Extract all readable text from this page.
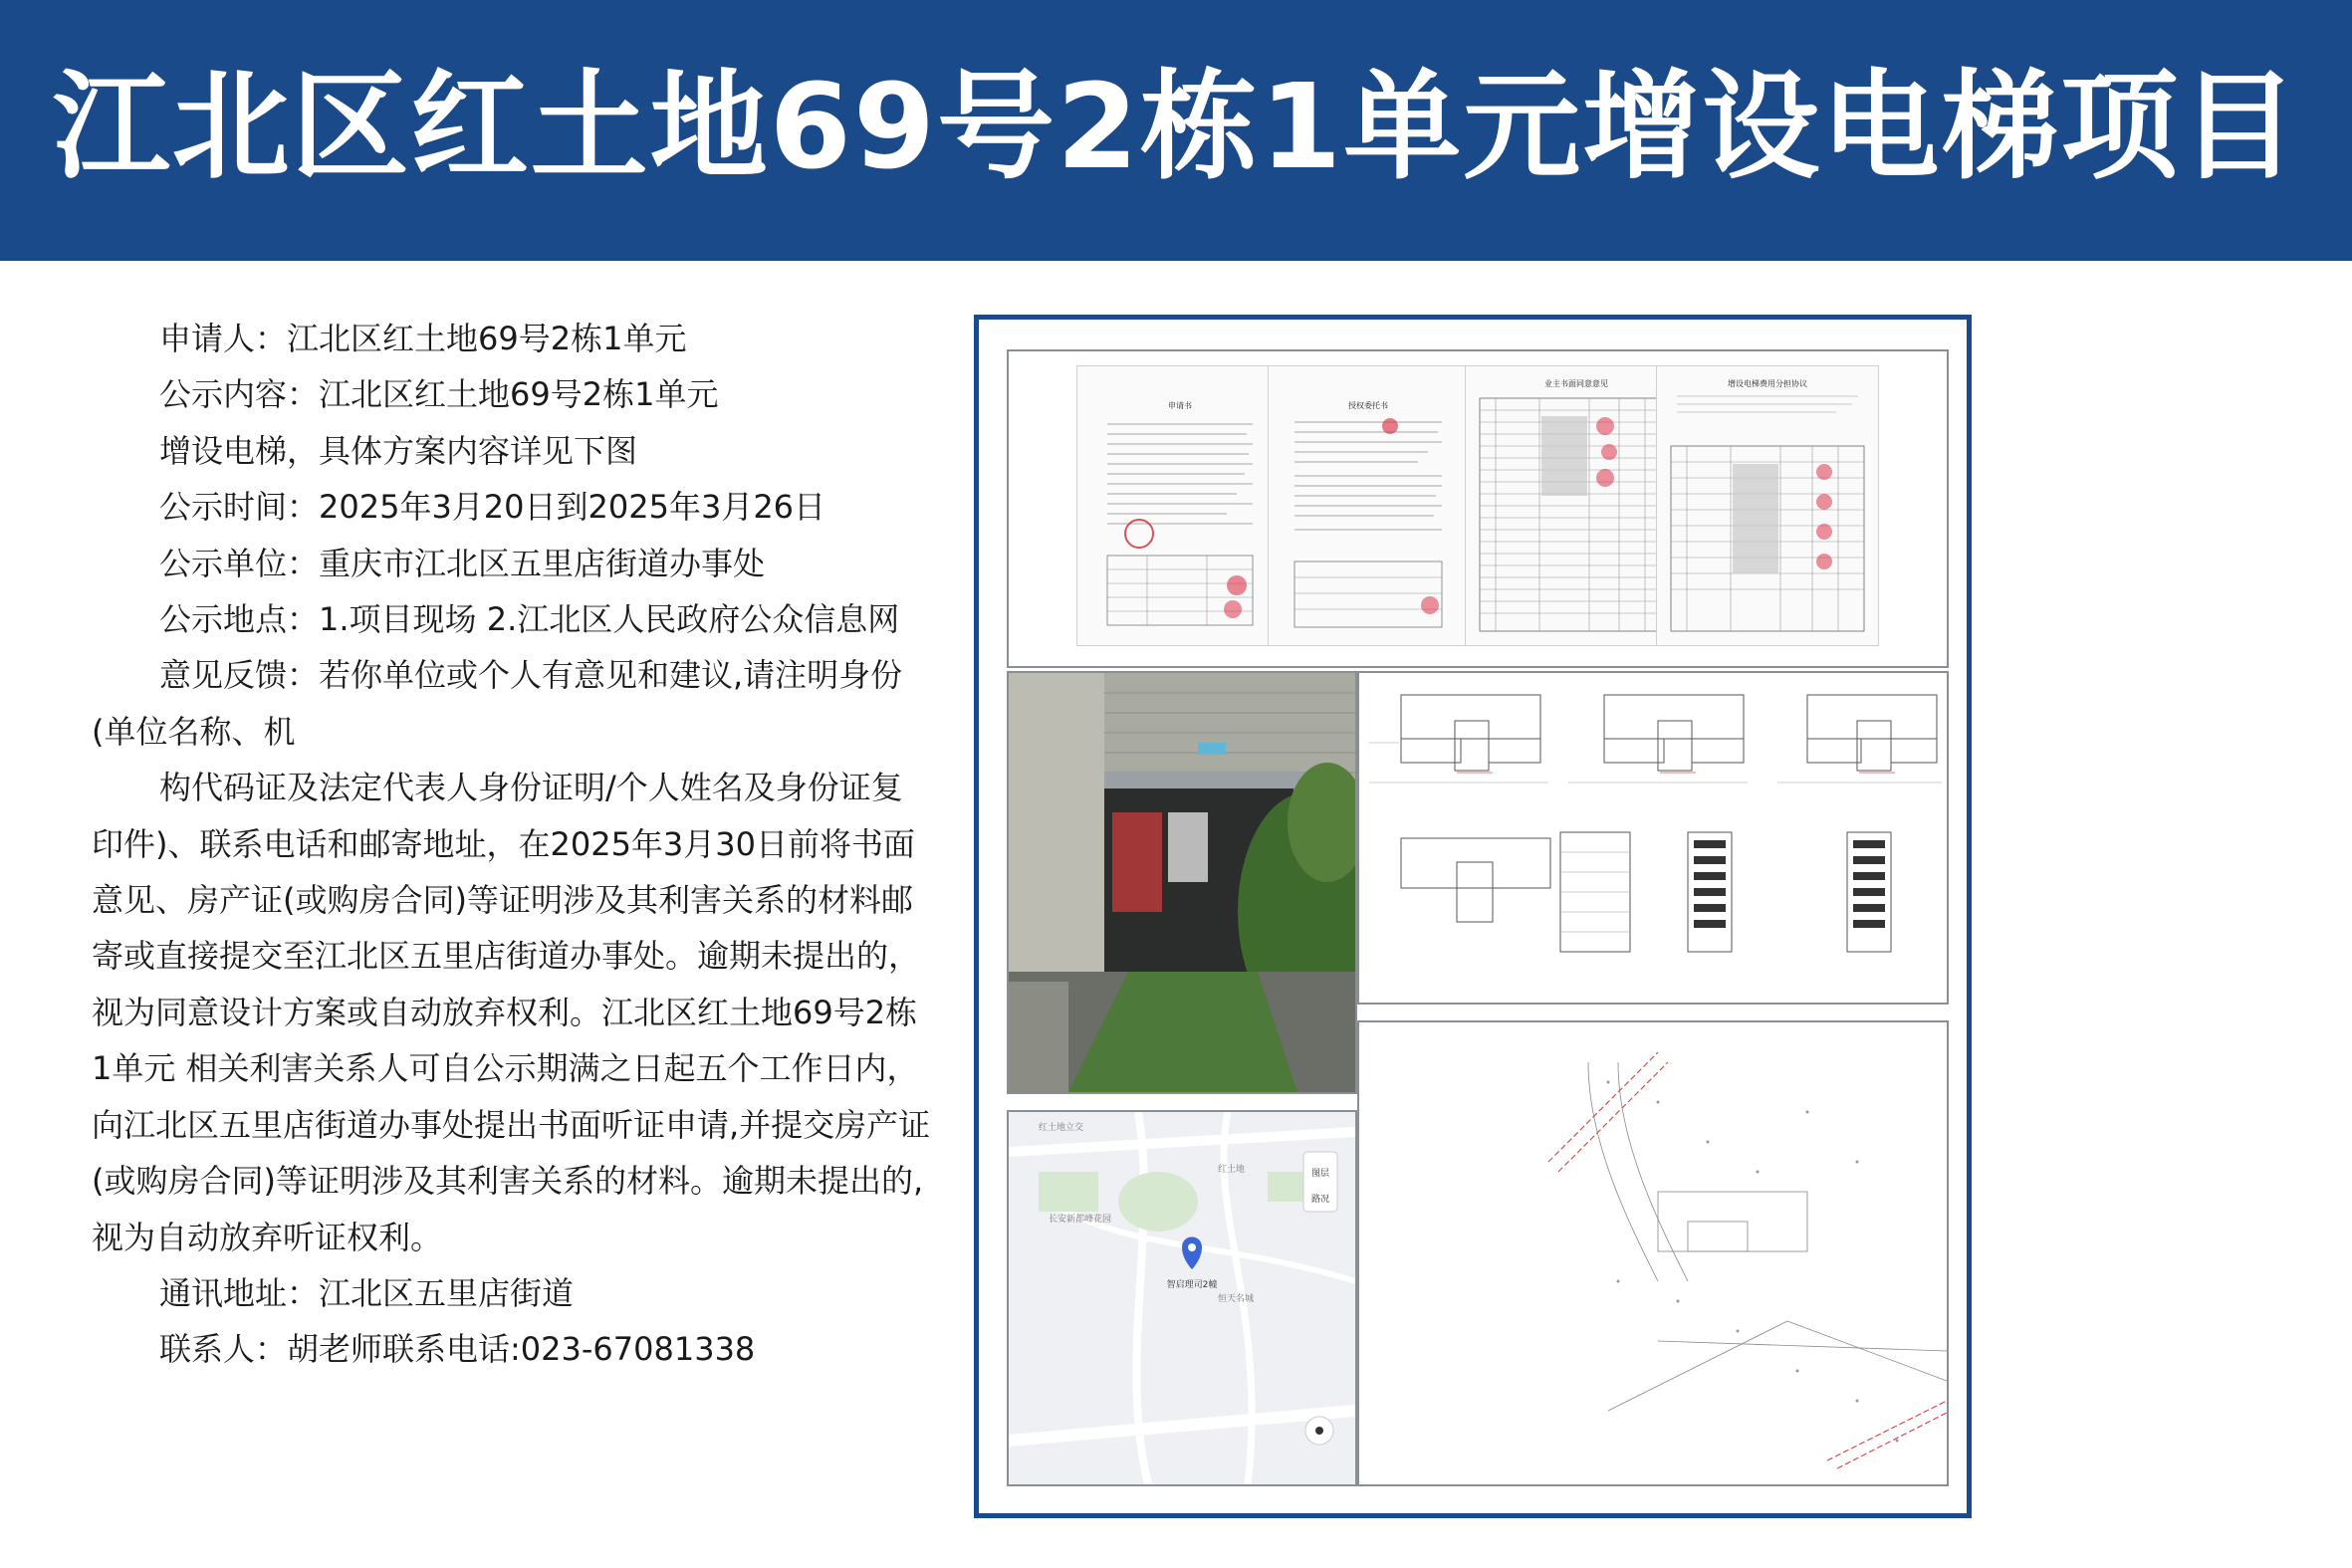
江北区红土地69号2栋1单元增设电梯项目

申请人：江北区红土地69号2栋1单元

公示内容：江北区红土地69号2栋1单元

增设电梯，具体方案内容详见下图

公示时间：2025年3月20日到2025年3月26日

公示单位：重庆市江北区五里店街道办事处

公示地点：1.项目现场 2.江北区人民政府公众信息网

意见反馈：若你单位或个人有意见和建议,请注明身份(单位名称、机

构代码证及法定代表人身份证明/个人姓名及身份证复印件)、联系电话和邮寄地址，在2025年3月30日前将书面意见、房产证(或购房合同)等证明涉及其利害关系的材料邮寄或直接提交至江北区五里店街道办事处。逾期未提出的，视为同意设计方案或自动放弃权利。江北区红土地69号2栋1单元 相关利害关系人可自公示期满之日起五个工作日内，向江北区五里店街道办事处提出书面听证申请,并提交房产证(或购房合同)等证明涉及其利害关系的材料。逾期未提出的,视为自动放弃听证权利。

通讯地址：江北区五里店街道

联系人：胡老师联系电话:023-67081338

申请书	授权委托书
业主书面同意意见	增设电梯费用分担协议
智启理司2幢
红土地立交
红土地
长安新都峰花园
恒天名城
图层
路况
